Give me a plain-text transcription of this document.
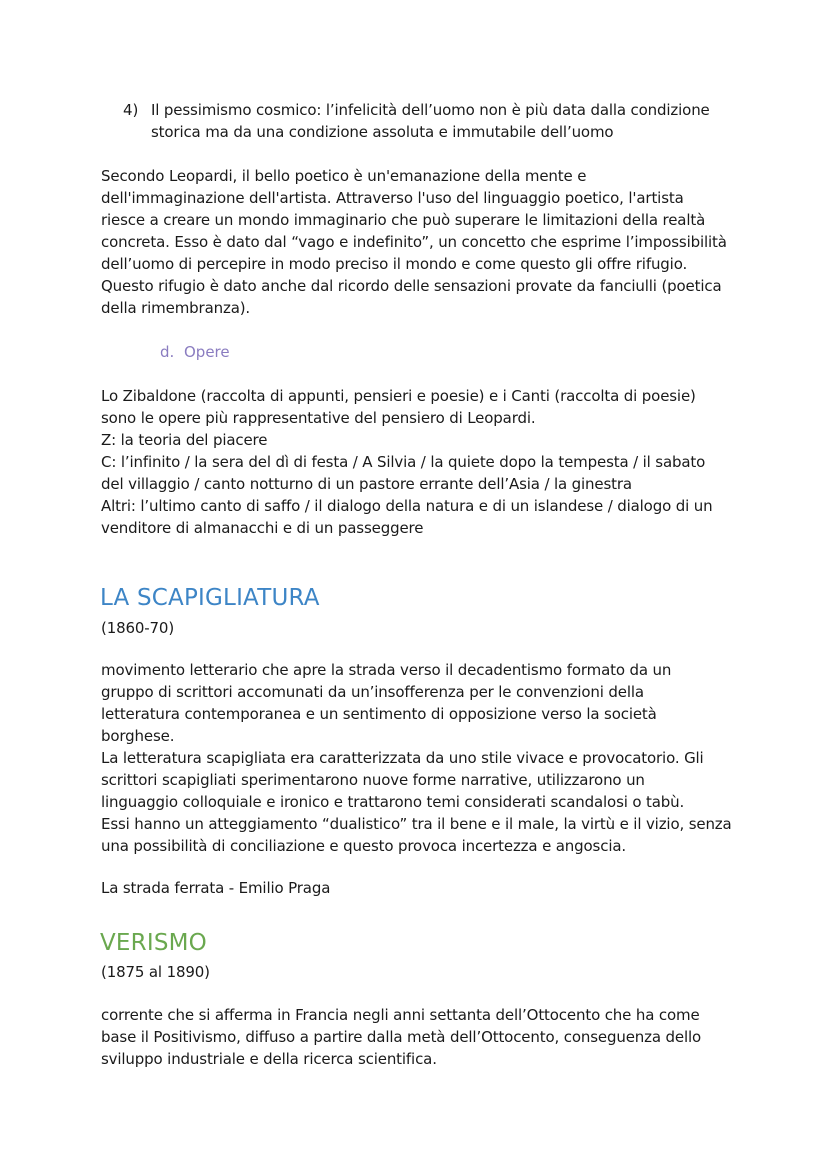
4) Il pessimismo cosmico: l’infelicità dell’uomo non è più data dalla condizione
storica ma da una condizione assoluta e immutabile dell’uomo
Secondo Leopardi, il bello poetico è un'emanazione della mente e
dell'immaginazione dell'artista. Attraverso l'uso del linguaggio poetico, l'artista
riesce a creare un mondo immaginario che può superare le limitazioni della realtà
concreta. Esso è dato dal “vago e indefinito”, un concetto che esprime l’impossibilità
dell’uomo di percepire in modo preciso il mondo e come questo gli offre rifugio.
Questo rifugio è dato anche dal ricordo delle sensazioni provate da fanciulli (poetica
della rimembranza).
d. Opere
Lo Zibaldone (raccolta di appunti, pensieri e poesie) e i Canti (raccolta di poesie)
sono le opere più rappresentative del pensiero di Leopardi.
Z: la teoria del piacere
C: l’infinito / la sera del dì di festa / A Silvia / la quiete dopo la tempesta / il sabato
del villaggio / canto notturno di un pastore errante dell’Asia / la ginestra
Altri: l’ultimo canto di saffo / il dialogo della natura e di un islandese / dialogo di un
venditore di almanacchi e di un passeggere
LA SCAPIGLIATURA
(1860-70)
movimento letterario che apre la strada verso il decadentismo formato da un
gruppo di scrittori accomunati da un’insofferenza per le convenzioni della
letteratura contemporanea e un sentimento di opposizione verso la società
borghese.
La letteratura scapigliata era caratterizzata da uno stile vivace e provocatorio. Gli
scrittori scapigliati sperimentarono nuove forme narrative, utilizzarono un
linguaggio colloquiale e ironico e trattarono temi considerati scandalosi o tabù.
Essi hanno un atteggiamento “dualistico” tra il bene e il male, la virtù e il vizio, senza
una possibilità di conciliazione e questo provoca incertezza e angoscia.
La strada ferrata - Emilio Praga
VERISMO
(1875 al 1890)
corrente che si afferma in Francia negli anni settanta dell’Ottocento che ha come
base il Positivismo, diffuso a partire dalla metà dell’Ottocento, conseguenza dello
sviluppo industriale e della ricerca scientifica.
